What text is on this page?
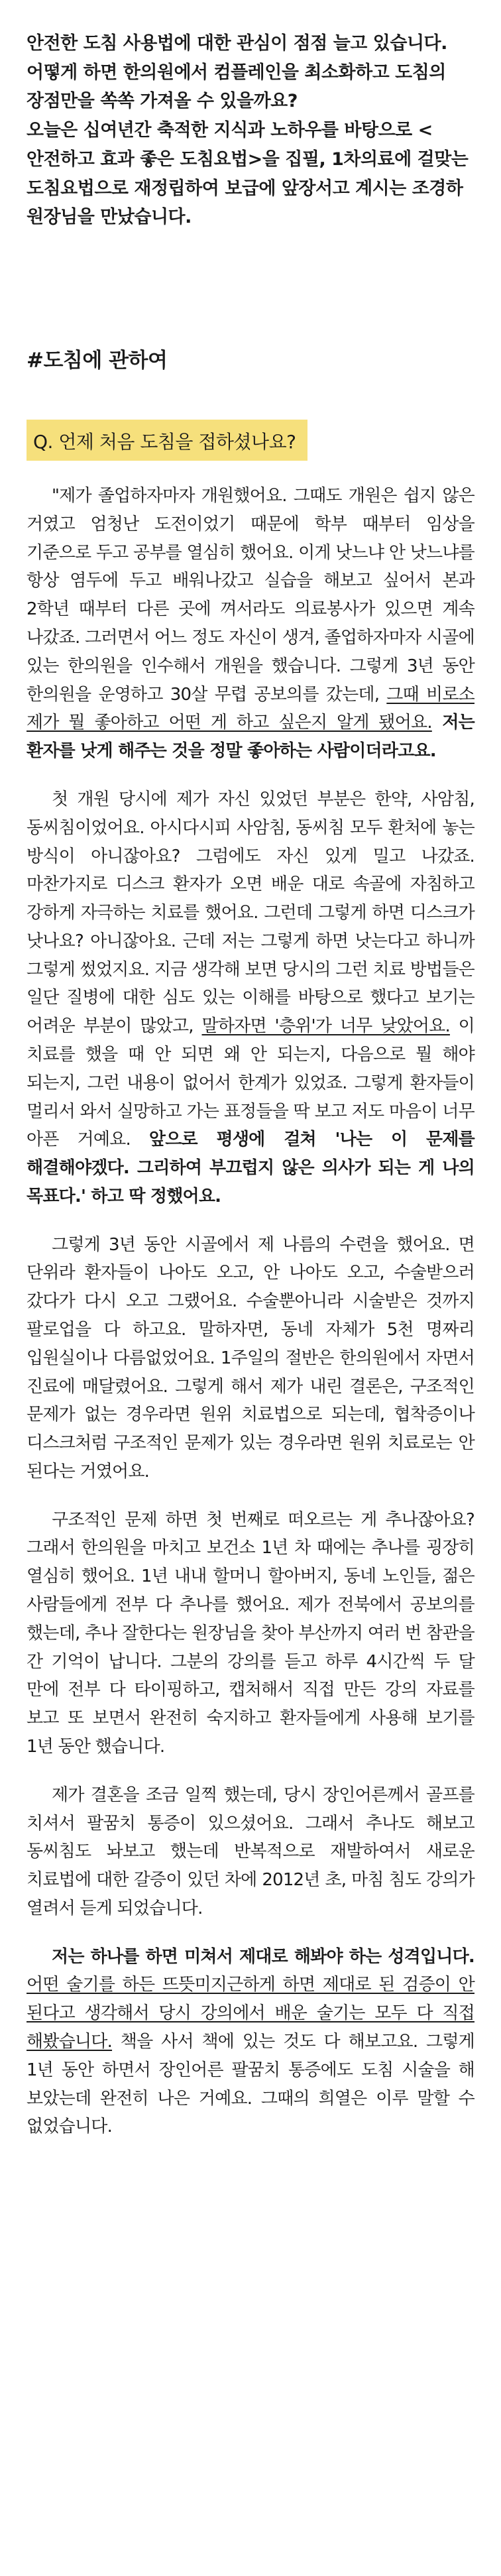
안전한 도침 사용법에 대한 관심이 점점 늘고 있습니다. 어떻게 하면 한의원에서 컴플레인을 최소화하고 도침의 장점만을 쏙쏙 가져올 수 있을까요?

오늘은 십여년간 축적한 지식과 노하우를 바탕으로 <안전하고 효과 좋은 도침요법>을 집필, 1차의료에 걸맞는 도침요법으로 재정립하여 보급에 앞장서고 계시는 조경하 원장님을 만났습니다.

#도침에 관하여
Q. 언제 처음 도침을 접하셨나요?

"제가 졸업하자마자 개원했어요. 그때도 개원은 쉽지 않은 거였고 엄청난 도전이었기 때문에 학부 때부터 임상을 기준으로 두고 공부를 열심히 했어요. 이게 낫느냐 안 낫느냐를 항상 염두에 두고 배워나갔고 실습을 해보고 싶어서 본과 2학년 때부터 다른 곳에 껴서라도 의료봉사가 있으면 계속 나갔죠. 그러면서 어느 정도 자신이 생겨, 졸업하자마자 시골에 있는 한의원을 인수해서 개원을 했습니다. 그렇게 3년 동안 한의원을 운영하고 30살 무렵 공보의를 갔는데, 그때 비로소 제가 뭘 좋아하고 어떤 게 하고 싶은지 알게 됐어요. 저는 환자를 낫게 해주는 것을 정말 좋아하는 사람이더라고요.

첫 개원 당시에 제가 자신 있었던 부분은 한약, 사암침, 동씨침이었어요. 아시다시피 사암침, 동씨침 모두 환처에 놓는 방식이 아니잖아요? 그럼에도 자신 있게 밀고 나갔죠. 마찬가지로 디스크 환자가 오면 배운 대로 속골에 자침하고 강하게 자극하는 치료를 했어요. 그런데 그렇게 하면 디스크가 낫나요? 아니잖아요. 근데 저는 그렇게 하면 낫는다고 하니까 그렇게 썼었지요. 지금 생각해 보면 당시의 그런 치료 방법들은 일단 질병에 대한 심도 있는 이해를 바탕으로 했다고 보기는 어려운 부분이 많았고, 말하자면 '층위'가 너무 낮았어요. 이 치료를 했을 때 안 되면 왜 안 되는지, 다음으로 뭘 해야 되는지, 그런 내용이 없어서 한계가 있었죠. 그렇게 환자들이 멀리서 와서 실망하고 가는 표정들을 딱 보고 저도 마음이 너무 아픈 거예요. 앞으로 평생에 걸쳐 '나는 이 문제를 해결해야겠다. 그리하여 부끄럽지 않은 의사가 되는 게 나의 목표다.' 하고 딱 정했어요.

그렇게 3년 동안 시골에서 제 나름의 수련을 했어요. 면 단위라 환자들이 나아도 오고, 안 나아도 오고, 수술받으러 갔다가 다시 오고 그랬어요. 수술뿐아니라 시술받은 것까지 팔로업을 다 하고요. 말하자면, 동네 자체가 5천 명짜리 입원실이나 다름없었어요. 1주일의 절반은 한의원에서 자면서 진료에 매달렸어요. 그렇게 해서 제가 내린 결론은, 구조적인 문제가 없는 경우라면 원위 치료법으로 되는데, 협착증이나 디스크처럼 구조적인 문제가 있는 경우라면 원위 치료로는 안 된다는 거였어요.

구조적인 문제 하면 첫 번째로 떠오르는 게 추나잖아요? 그래서 한의원을 마치고 보건소 1년 차 때에는 추나를 굉장히 열심히 했어요. 1년 내내 할머니 할아버지, 동네 노인들, 젊은 사람들에게 전부 다 추나를 했어요. 제가 전북에서 공보의를 했는데, 추나 잘한다는 원장님을 찾아 부산까지 여러 번 참관을 간 기억이 납니다. 그분의 강의를 듣고 하루 4시간씩 두 달 만에 전부 다 타이핑하고, 캡처해서 직접 만든 강의 자료를 보고 또 보면서 완전히 숙지하고 환자들에게 사용해 보기를 1년 동안 했습니다.

제가 결혼을 조금 일찍 했는데, 당시 장인어른께서 골프를 치셔서 팔꿈치 통증이 있으셨어요. 그래서 추나도 해보고 동씨침도 놔보고 했는데 반복적으로 재발하여서 새로운 치료법에 대한 갈증이 있던 차에 2012년 초, 마침 침도 강의가 열려서 듣게 되었습니다.

저는 하나를 하면 미쳐서 제대로 해봐야 하는 성격입니다. 어떤 술기를 하든 뜨뜻미지근하게 하면 제대로 된 검증이 안 된다고 생각해서 당시 강의에서 배운 술기는 모두 다 직접 해봤습니다. 책을 사서 책에 있는 것도 다 해보고요. 그렇게 1년 동안 하면서 장인어른 팔꿈치 통증에도 도침 시술을 해 보았는데 완전히 나은 거예요. 그때의 희열은 이루 말할 수 없었습니다.
